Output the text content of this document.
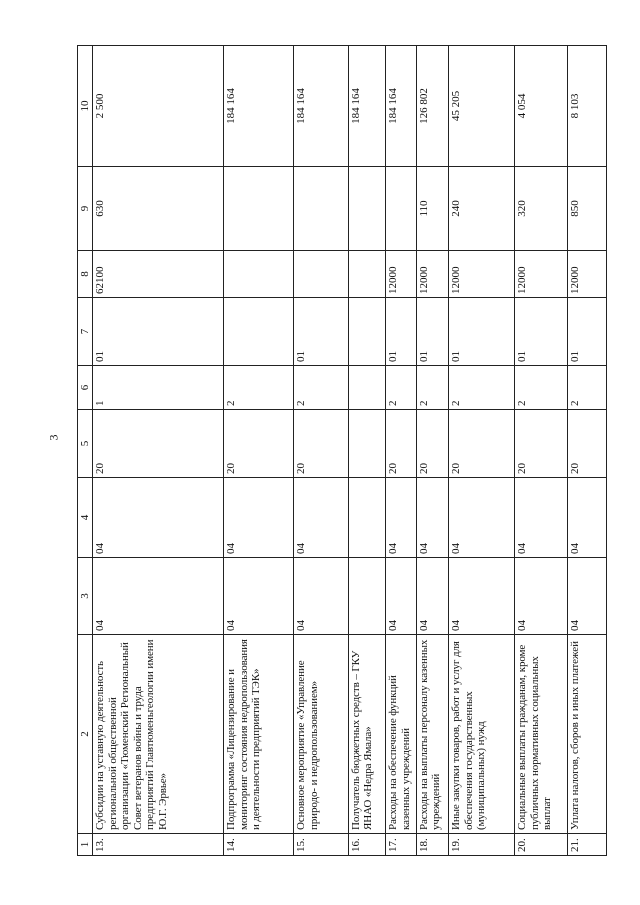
3
1	2	3	4	5	6	7	8	9	10
13.	Субсидии на уставную деятельность региональной общественной организации «Тюменский Региональный Совет ветеранов войны и труда предприятий Главтюменьгеологии имени Ю.Г. Эрвье»	04	04	20	1	01	62100	630	2 500
14.	Подпрограмма «Лицензирование и мониторинг состояния недропользования и деятельности предприятий ТЭК»	04	04	20	2				184 164
15.	Основное мероприятие «Управление природо- и недропользованием»	04	04	20	2	01			184 164
16.	Получатель бюджетных средств – ГКУ ЯНАО «Недра Ямала»								184 164
17.	Расходы на обеспечение функций казенных учреждений	04	04	20	2	01	12000		184 164
18.	Расходы на выплаты персоналу казенных учреждений	04	04	20	2	01	12000	110	126 802
19.	Иные закупки товаров, работ и услуг для обеспечения государственных (муниципальных) нужд	04	04	20	2	01	12000	240	45 205
20.	Социальные выплаты гражданам, кроме публичных нормативных социальных выплат	04	04	20	2	01	12000	320	4 054
21.	Уплата налогов, сборов и иных платежей	04	04	20	2	01	12000	850	8 103
